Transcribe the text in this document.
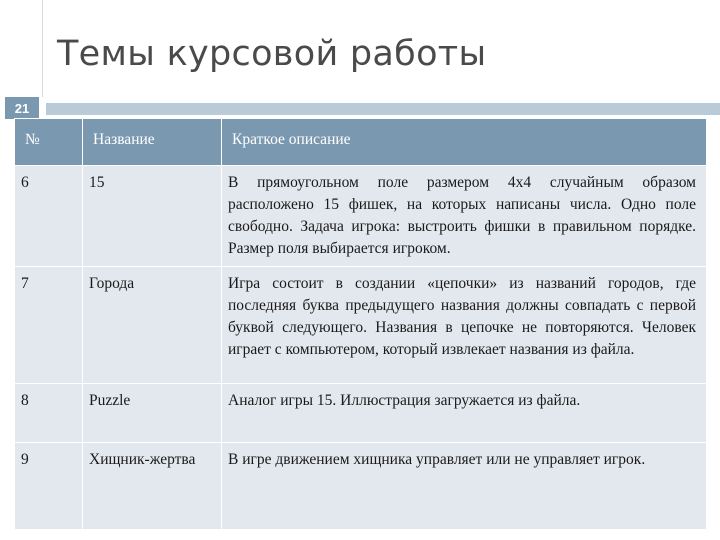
Темы курсовой работы
21
№	Название	Краткое описание
6	15	В прямоугольном поле размером 4х4 случайным образом расположено 15 фишек, на которых написаны числа. Одно поле свободно. Задача игрока: выстроить фишки в правильном порядке. Размер поля выбирается игроком.
7	Города	Игра состоит в создании «цепочки» из названий городов, где последняя буква предыдущего названия должны совпадать с первой буквой следующего. Названия в цепочке не повторяются. Человек играет с компьютером, который извлекает названия из файла.
8	Puzzle	Аналог игры 15. Иллюстрация загружается из файла.
9	Хищник-жертва	В игре движением хищника управляет или не управляет игрок.
